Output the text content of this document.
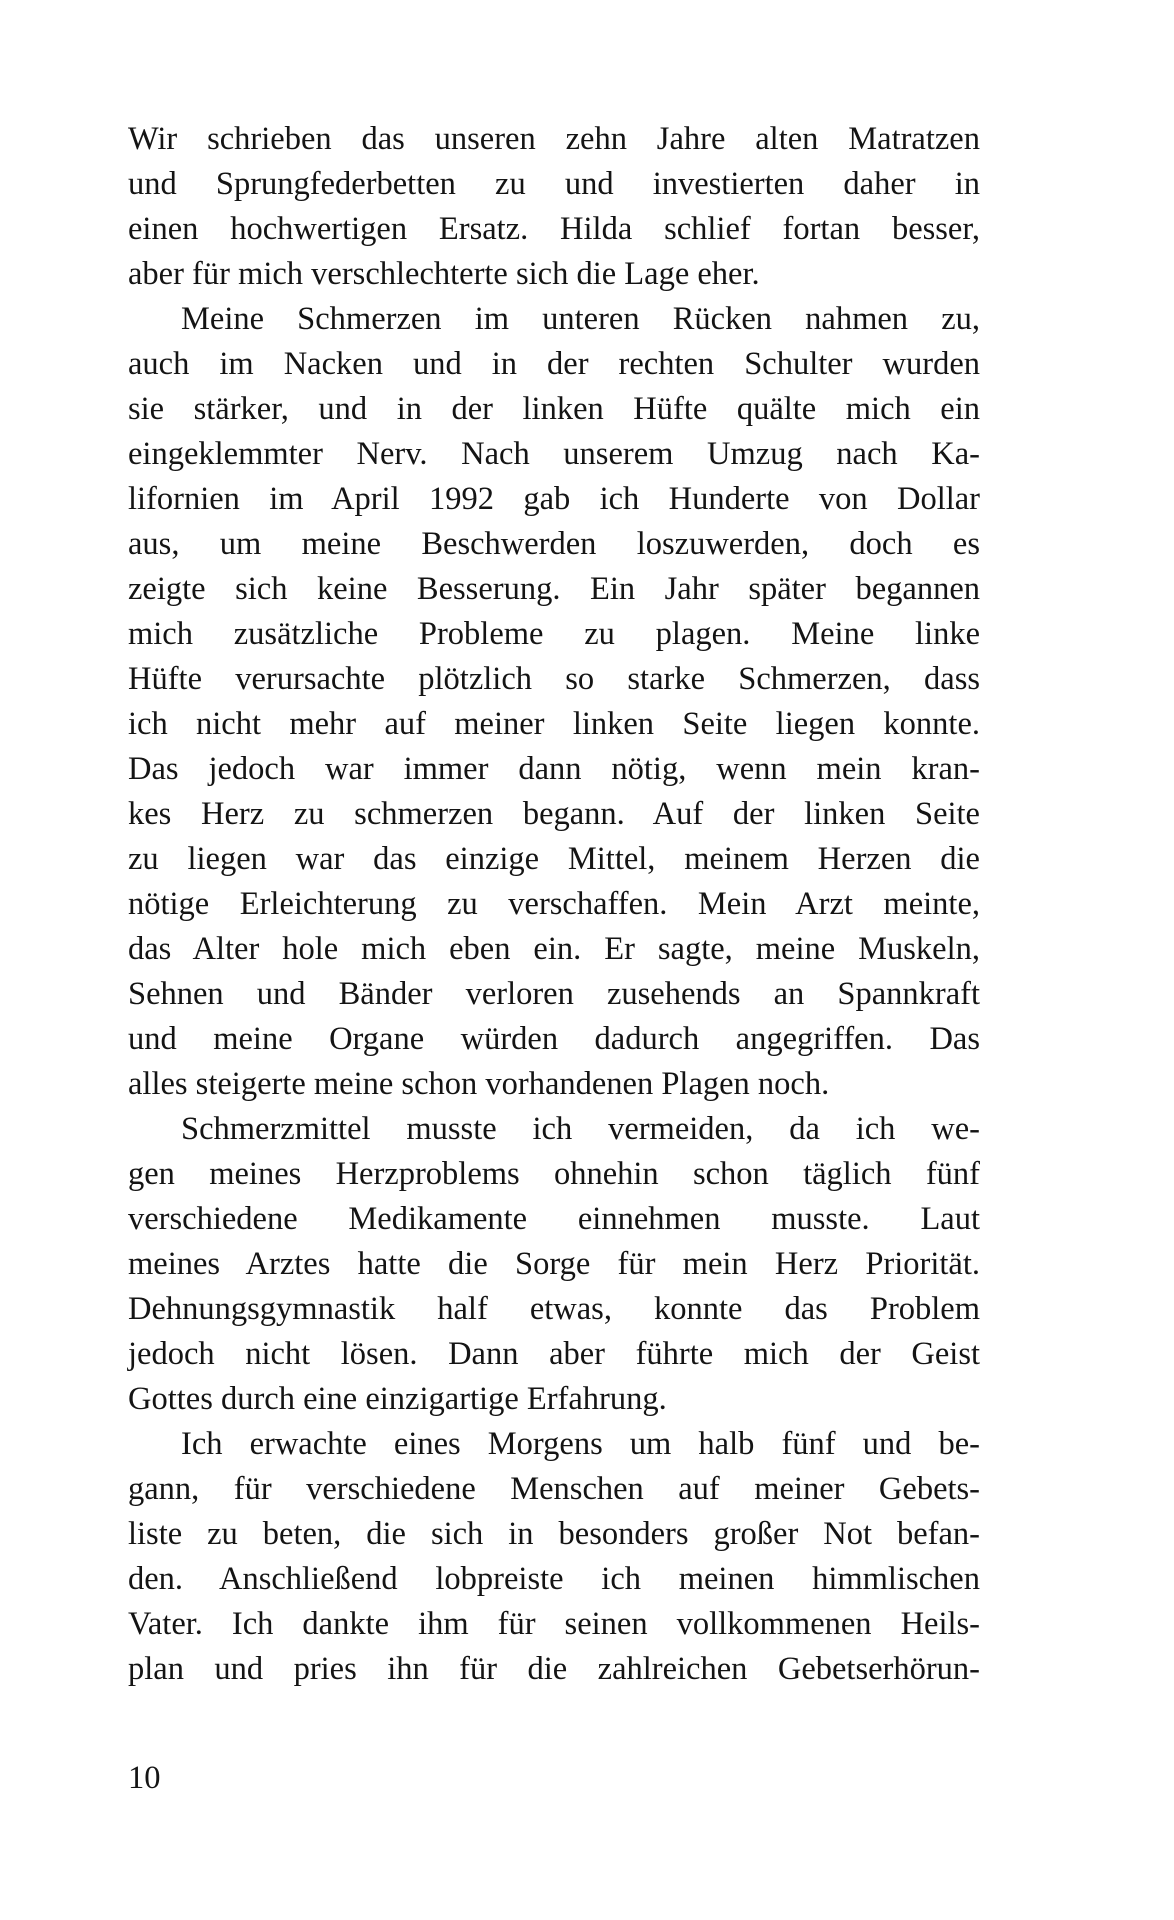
Wir schrieben das unseren zehn Jahre alten Matratzen
und Sprungfederbetten zu und investierten daher in
einen hochwertigen Ersatz. Hilda schlief fortan besser,
aber für mich verschlechterte sich die Lage eher.
Meine Schmerzen im unteren Rücken nahmen zu,
auch im Nacken und in der rechten Schulter wurden
sie stärker, und in der linken Hüfte quälte mich ein
eingeklemmter Nerv. Nach unserem Umzug nach Ka-
lifornien im April 1992 gab ich Hunderte von Dollar
aus, um meine Beschwerden loszuwerden, doch es
zeigte sich keine Besserung. Ein Jahr später begannen
mich zusätzliche Probleme zu plagen. Meine linke
Hüfte verursachte plötzlich so starke Schmerzen, dass
ich nicht mehr auf meiner linken Seite liegen konnte.
Das jedoch war immer dann nötig, wenn mein kran-
kes Herz zu schmerzen begann. Auf der linken Seite
zu liegen war das einzige Mittel, meinem Herzen die
nötige Erleichterung zu verschaffen. Mein Arzt meinte,
das Alter hole mich eben ein. Er sagte, meine Muskeln,
Sehnen und Bänder verloren zusehends an Spannkraft
und meine Organe würden dadurch angegriffen. Das
alles steigerte meine schon vorhandenen Plagen noch.
Schmerzmittel musste ich vermeiden, da ich we-
gen meines Herzproblems ohnehin schon täglich fünf
verschiedene Medikamente einnehmen musste. Laut
meines Arztes hatte die Sorge für mein Herz Priorität.
Dehnungsgymnastik half etwas, konnte das Problem
jedoch nicht lösen. Dann aber führte mich der Geist
Gottes durch eine einzigartige Erfahrung.
Ich erwachte eines Morgens um halb fünf und be-
gann, für verschiedene Menschen auf meiner Gebets-
liste zu beten, die sich in besonders großer Not befan-
den. Anschließend lobpreiste ich meinen himmlischen
Vater. Ich dankte ihm für seinen vollkommenen Heils-
plan und pries ihn für die zahlreichen Gebetserhörun-
10
